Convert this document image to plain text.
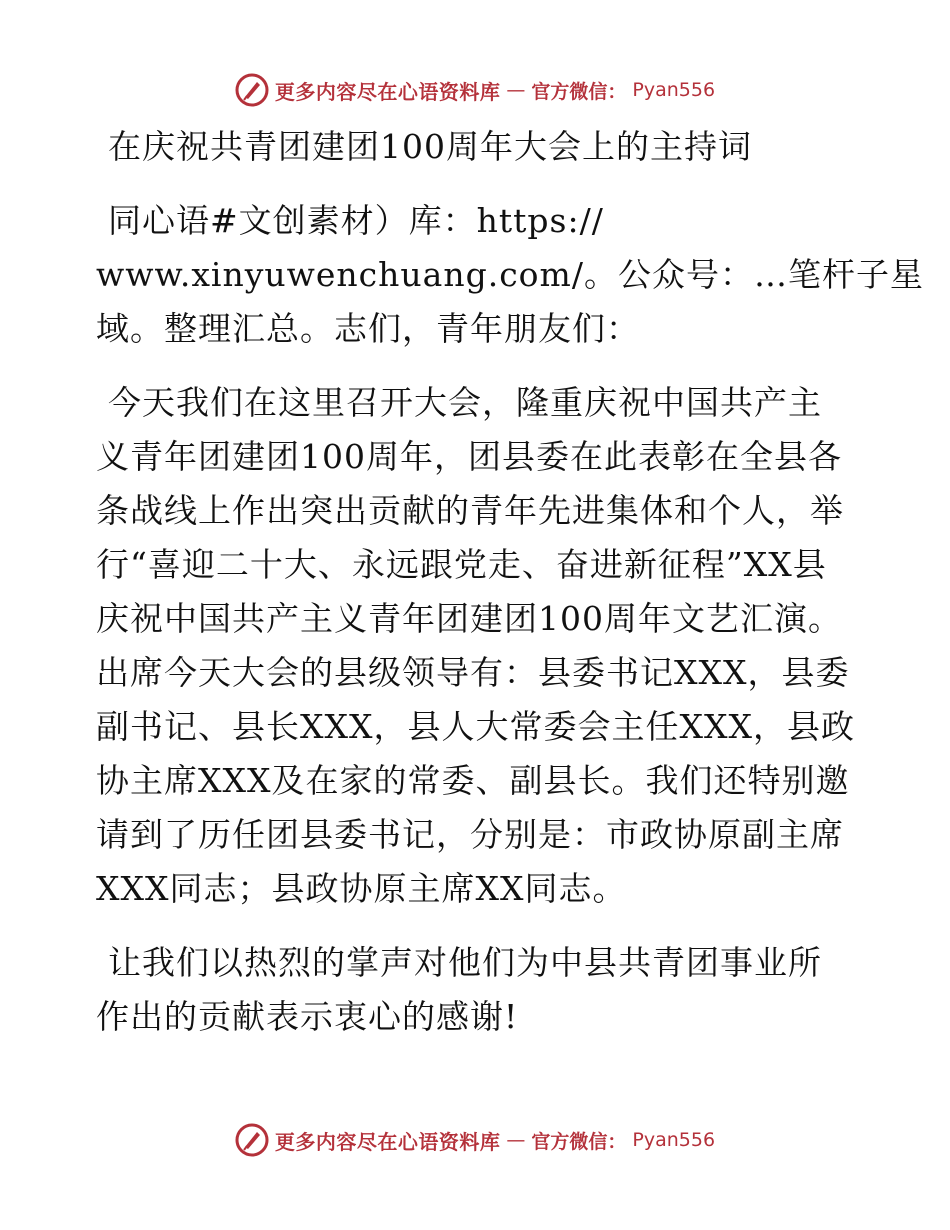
更多内容尽在心语资料库 — 官方微信： Pyan556

在庆祝共青团建团100周年大会上的主持词

同心语#文创素材）库：https://

www.xinyuwenchuang.com/。公众号：…笔杆子星

域。整理汇总。志们，青年朋友们：

今天我们在这里召开大会，隆重庆祝中国共产主

义青年团建团100周年，团县委在此表彰在全县各

条战线上作出突出贡献的青年先进集体和个人，举

行“喜迎二十大、永远跟党走、奋进新征程”XX县

庆祝中国共产主义青年团建团100周年文艺汇演。

出席今天大会的县级领导有：县委书记XXX，县委

副书记、县长XXX，县人大常委会主任XXX，县政

协主席XXX及在家的常委、副县长。我们还特别邀

请到了历任团县委书记，分别是：市政协原副主席

XXX同志；县政协原主席XX同志。

让我们以热烈的掌声对他们为中县共青团事业所

作出的贡献表示衷心的感谢!

更多内容尽在心语资料库 — 官方微信： Pyan556
